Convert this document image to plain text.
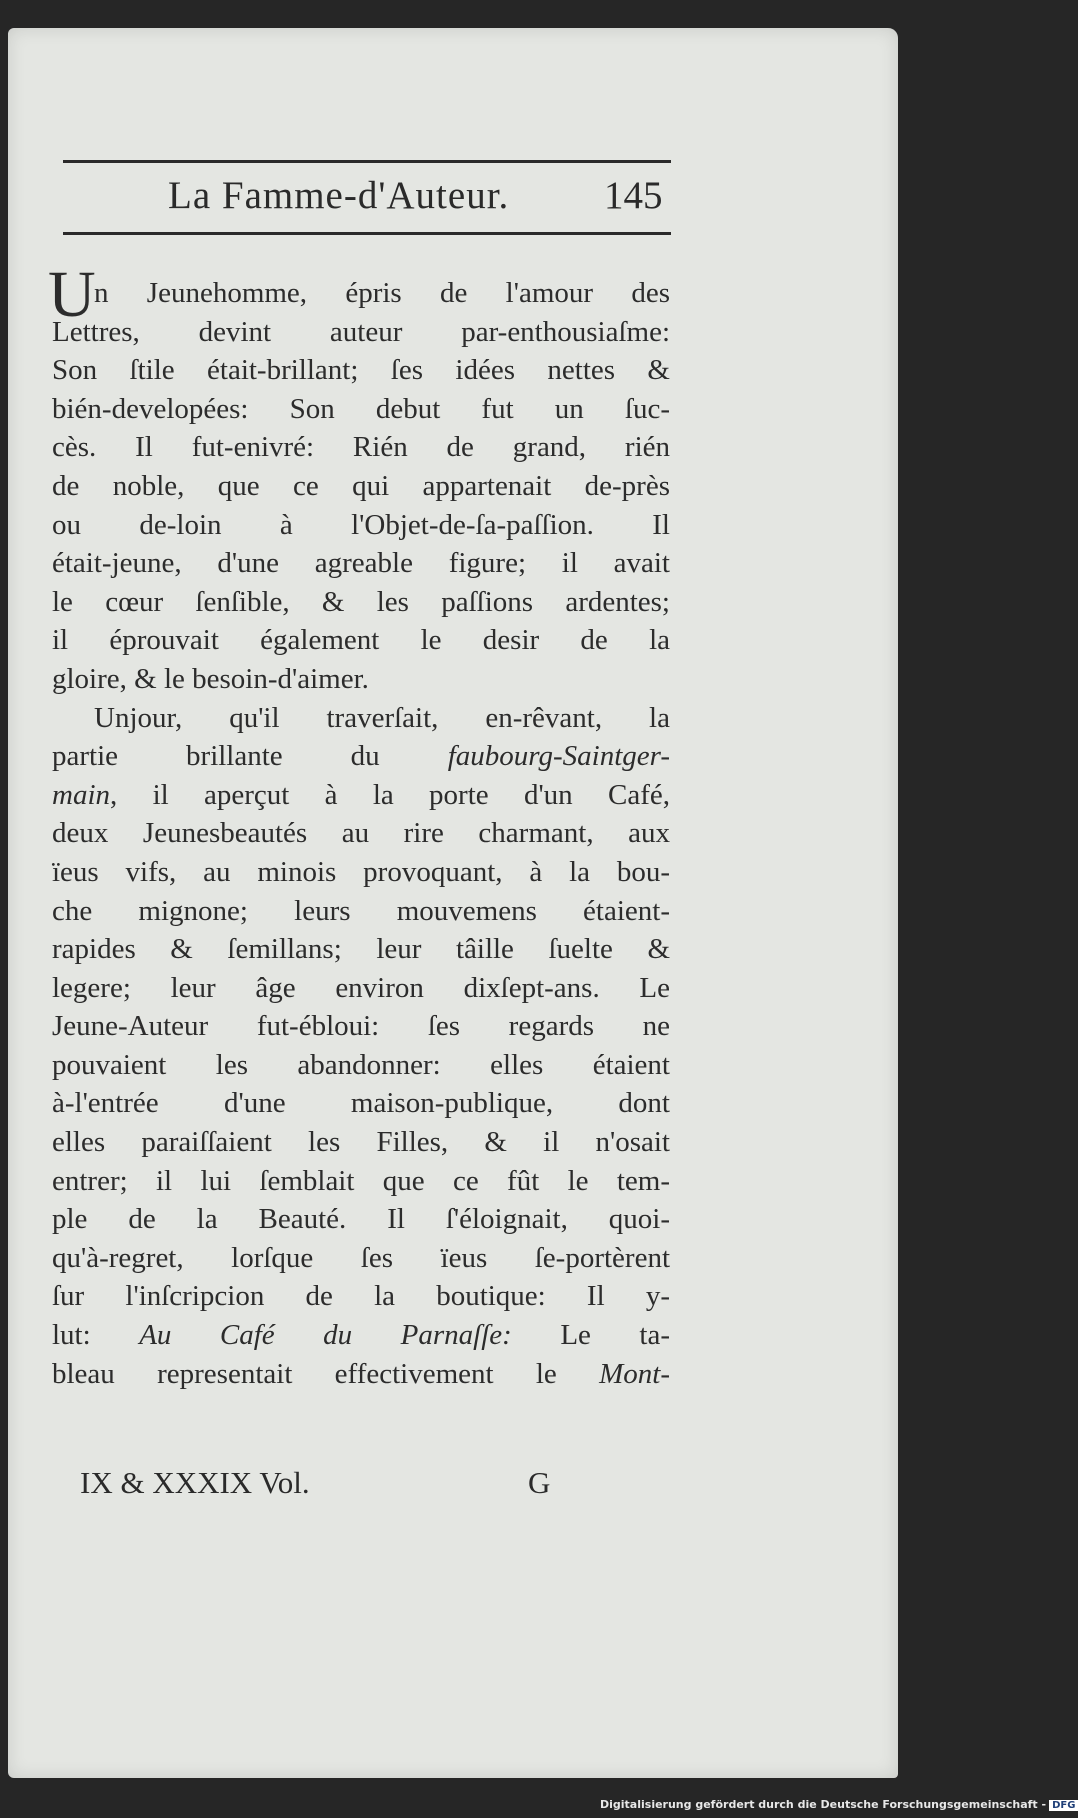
La Famme-d'Auteur. 145
U
n Jeunehomme, épris de l'amour des
Lettres, devint auteur par-enthousiaſme:
Son ſtile était-brillant; ſes idées nettes &
bién-developées: Son debut fut un ſuc-
cès. Il fut-enivré: Rién de grand, rién
de noble, que ce qui appartenait de-près
ou de-loin à l'Objet-de-ſa-paſſion. Il
était-jeune, d'une agreable figure; il avait
le cœur ſenſible, & les paſſions ardentes;
il éprouvait également le desir de la
gloire, & le besoin-d'aimer.
Unjour, qu'il traverſait, en-rêvant, la
partie brillante du faubourg-Saintger-
main, il aperçut à la porte d'un Café,
deux Jeunesbeautés au rire charmant, aux
ïeus vifs, au minois provoquant, à la bou-
che mignone; leurs mouvemens étaient-
rapides & ſemillans; leur tâille ſuelte &
legere; leur âge environ dixſept-ans. Le
Jeune-Auteur fut-ébloui: ſes regards ne
pouvaient les abandonner: elles étaient
à-l'entrée d'une maison-publique, dont
elles paraiſſaient les Filles, & il n'osait
entrer; il lui ſemblait que ce fût le tem-
ple de la Beauté. Il ſ'éloignait, quoi-
qu'à-regret, lorſque ſes ïeus ſe-portèrent
ſur l'inſcripcion de la boutique: Il y-
lut: Au Café du Parnaſſe: Le ta-
bleau representait effectivement le Mont-
IX & XXXIX Vol.	G
Digitalisierung gefördert durch die Deutsche Forschungsgemeinschaft - DFG
